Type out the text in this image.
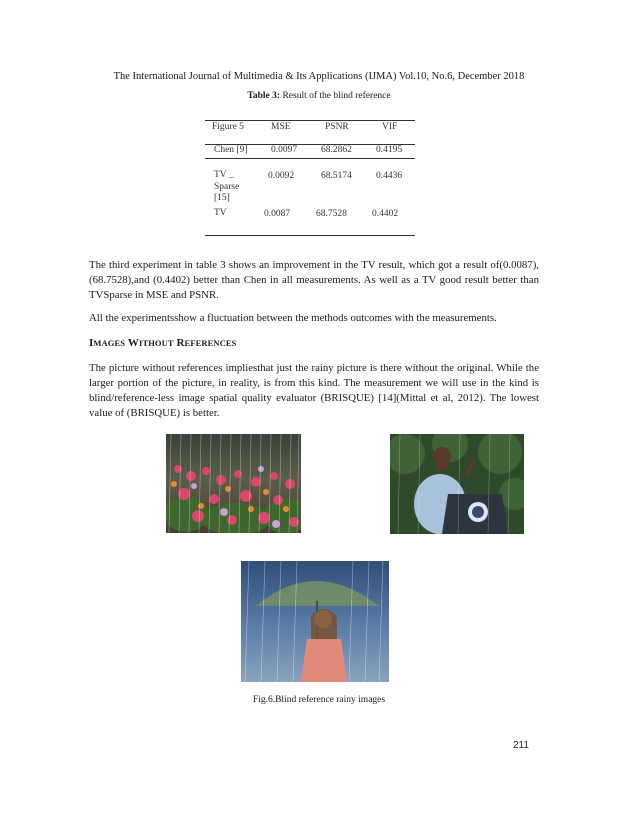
The International Journal of Multimedia & Its Applications (IJMA) Vol.10, No.6, December 2018
Table 3: Result of the blind reference
Figure 5	MSE	PSNR	VIF
Chen [9] 0.0097	68.2862	0.4195
TV _
Sparse
[15]
0.0092	68.5174	0.4436
TV	0.0087	68.7528	0.4402

The third experiment in table 3 shows an improvement in the TV result, which got a result of(0.0087), (68.7528),and (0.4402) better than Chen in all measurements. As well as a TV good result better than TVSparse in MSE and PSNR.

All the experimentsshow a fluctuation between the methods outcomes with the measurements.

IMAGES WITHOUT REFERENCES

The picture without references impliesthat just the rainy picture is there without the original. While the larger portion of the picture, in reality, is from this kind. The measurement we will use in the kind is blind/reference-less image spatial quality evaluator (BRISQUE) [14](Mittal et al, 2012). The lowest value of (BRISQUE) is better.

Fig.6.Blind reference rainy images
211
